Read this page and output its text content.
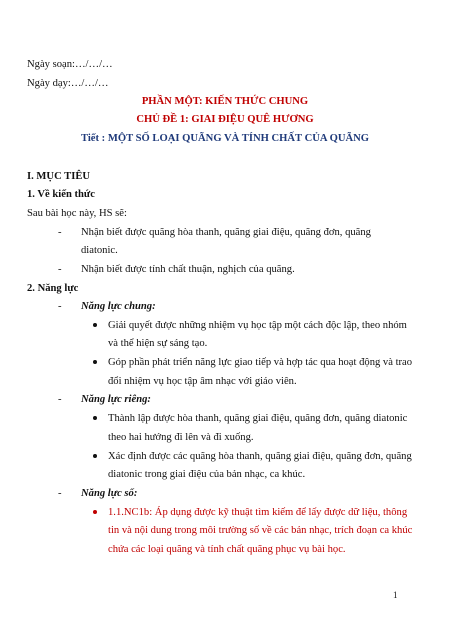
Ngày soạn:…/…/…
Ngày dạy:…/…/…
PHẦN MỘT: KIẾN THỨC CHUNG
CHỦ ĐỀ 1: GIAI ĐIỆU QUÊ HƯƠNG
Tiết : MỘT SỐ LOẠI QUÃNG VÀ TÍNH CHẤT CỦA QUÃNG
I. MỤC TIÊU
1. Về kiến thức
Sau bài học này, HS sẽ:
- Nhận biết được quãng hòa thanh, quãng giai điệu, quãng đơn, quãng
diatonic.
- Nhận biết được tính chất thuận, nghịch của quãng.
2. Năng lực
- Năng lực chung:
Giải quyết được những nhiệm vụ học tập một cách độc lập, theo nhóm
và thể hiện sự sáng tạo.
Góp phần phát triển năng lực giao tiếp và hợp tác qua hoạt động và trao
đổi nhiệm vụ học tập âm nhạc với giáo viên.
- Năng lực riêng:
Thành lập được hòa thanh, quãng giai điệu, quãng đơn, quãng diatonic
theo hai hướng đi lên và đi xuống.
Xác định được các quãng hòa thanh, quãng giai điệu, quãng đơn, quãng
diatonic trong giai điệu của bản nhạc, ca khúc.
- Năng lực số:
1.1.NC1b: Áp dụng được kỹ thuật tìm kiếm để lấy được dữ liệu, thông
tin và nội dung trong môi trường số về các bản nhạc, trích đoạn ca khúc
chứa các loại quãng và tính chất quãng phục vụ bài học.
1
